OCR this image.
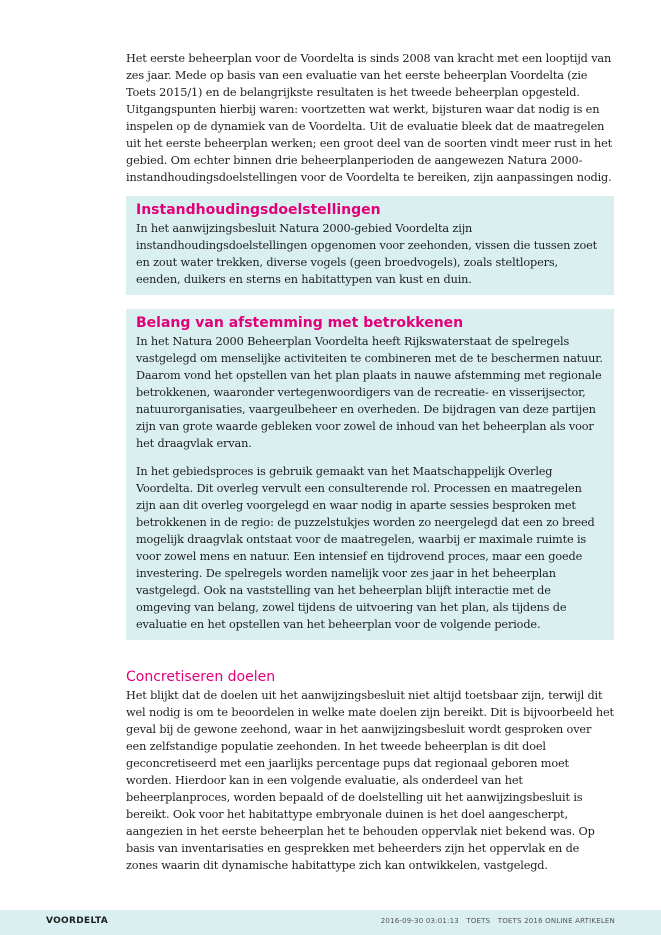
Het eerste beheerplan voor de Voordelta is sinds 2008 van kracht met een looptijd van zes jaar. Mede op basis van een evaluatie van het eerste beheerplan Voordelta (zie Toets 2015/1) en de belangrijkste resultaten is het tweede beheerplan opgesteld. Uitgangspunten hierbij waren: voortzetten wat werkt, bijsturen waar dat nodig is en inspelen op de dynamiek van de Voordelta. Uit de evaluatie bleek dat de maatregelen uit het eerste beheerplan werken; een groot deel van de soorten vindt meer rust in het gebied. Om echter binnen drie beheerplanperioden de aangewezen Natura 2000-instandhoudingsdoelstellingen voor de Voordelta te bereiken, zijn aanpassingen nodig.

Instandhoudingsdoelstellingen

In het aanwijzingsbesluit Natura 2000-gebied Voordelta zijn instandhoudingsdoelstellingen opgenomen voor zeehonden, vissen die tussen zoet en zout water trekken, diverse vogels (geen broedvogels), zoals steltlopers, eenden, duikers en sterns en habitattypen van kust en duin.

Belang van afstemming met betrokkenen

In het Natura 2000 Beheerplan Voordelta heeft Rijkswaterstaat de spelregels vastgelegd om menselijke activiteiten te combineren met de te beschermen natuur. Daarom vond het opstellen van het plan plaats in nauwe afstemming met regionale betrokkenen, waaronder vertegenwoordigers van de recreatie- en visserijsector, natuurorganisaties, vaargeulbeheer en overheden. De bijdragen van deze partijen zijn van grote waarde gebleken voor zowel de inhoud van het beheerplan als voor het draagvlak ervan.

In het gebiedsproces is gebruik gemaakt van het Maatschappelijk Overleg Voordelta. Dit overleg vervult een consulterende rol. Processen en maatregelen zijn aan dit overleg voorgelegd en waar nodig in aparte sessies besproken met betrokkenen in de regio: de puzzelstukjes worden zo neergelegd dat een zo breed mogelijk draagvlak ontstaat voor de maatregelen, waarbij er maximale ruimte is voor zowel mens en natuur. Een intensief en tijdrovend proces, maar een goede investering. De spelregels worden namelijk voor zes jaar in het beheerplan vastgelegd. Ook na vaststelling van het beheerplan blijft interactie met de omgeving van belang, zowel tijdens de uitvoering van het plan, als tijdens de evaluatie en het opstellen van het beheerplan voor de volgende periode.

Concretiseren doelen

Het blijkt dat de doelen uit het aanwijzingsbesluit niet altijd toetsbaar zijn, terwijl dit wel nodig is om te beoordelen in welke mate doelen zijn bereikt. Dit is bijvoorbeeld het geval bij de gewone zeehond, waar in het aanwijzingsbesluit wordt gesproken over een zelfstandige populatie zeehonden. In het tweede beheerplan is dit doel geconcretiseerd met een jaarlijks percentage pups dat regionaal geboren moet worden. Hierdoor kan in een volgende evaluatie, als onderdeel van het beheerplanproces, worden bepaald of de doelstelling uit het aanwijzingsbesluit is bereikt. Ook voor het habitattype embryonale duinen is het doel aangescherpt, aangezien in het eerste beheerplan het te behouden oppervlak niet bekend was. Op basis van inventarisaties en gesprekken met beheerders zijn het oppervlak en de zones waarin dit dynamische habitattype zich kan ontwikkelen, vastgelegd.

VOORDELTA	2016-09-30 03:01:13 TOETS TOETS 2016 ONLINE ARTIKELEN
